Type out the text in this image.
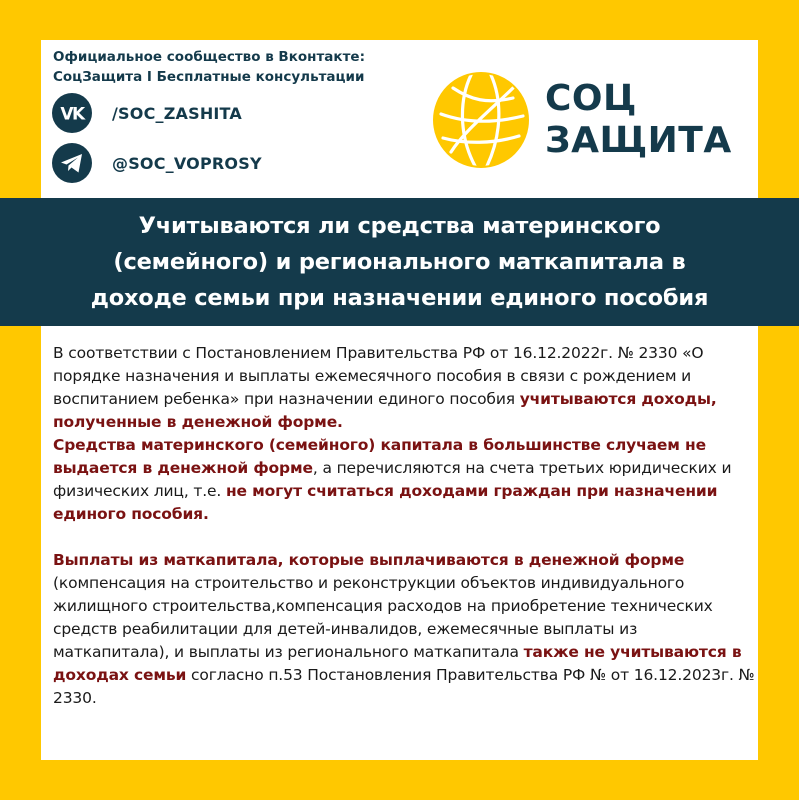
Официальное сообщество в Вконтакте:
СоцЗащита I Бесплатные консультации
VK /SOC_ZASHITA
@SOC_VOPROSY
СОЦ
ЗАЩИТА
Учитываются ли средства материнского
(семейного) и регионального маткапитала в
доходе семьи при назначении единого пособия

В соответствии с Постановлением Правительства РФ от 16.12.2022г. № 2330 «О порядке назначения и выплаты ежемесячного пособия в связи с рождением и воспитанием ребенка» при назначении единого пособия учитываются доходы, полученные в денежной форме.

Средства материнского (семейного) капитала в большинстве случаем не выдается в денежной форме, а перечисляются на счета третьих юридических и физических лиц, т.е. не могут считаться доходами граждан при назначении единого пособия.

Выплаты из маткапитала, которые выплачиваются в денежной форме (компенсация на строительство и реконструкции объектов индивидуального жилищного строительства,компенсация расходов на приобретение технических средств реабилитации для детей-инвалидов, ежемесячные выплаты из маткапитала), и выплаты из регионального маткапитала также не учитываются в доходах семьи согласно п.53 Постановления Правительства РФ № от 16.12.2023г. № 2330.
